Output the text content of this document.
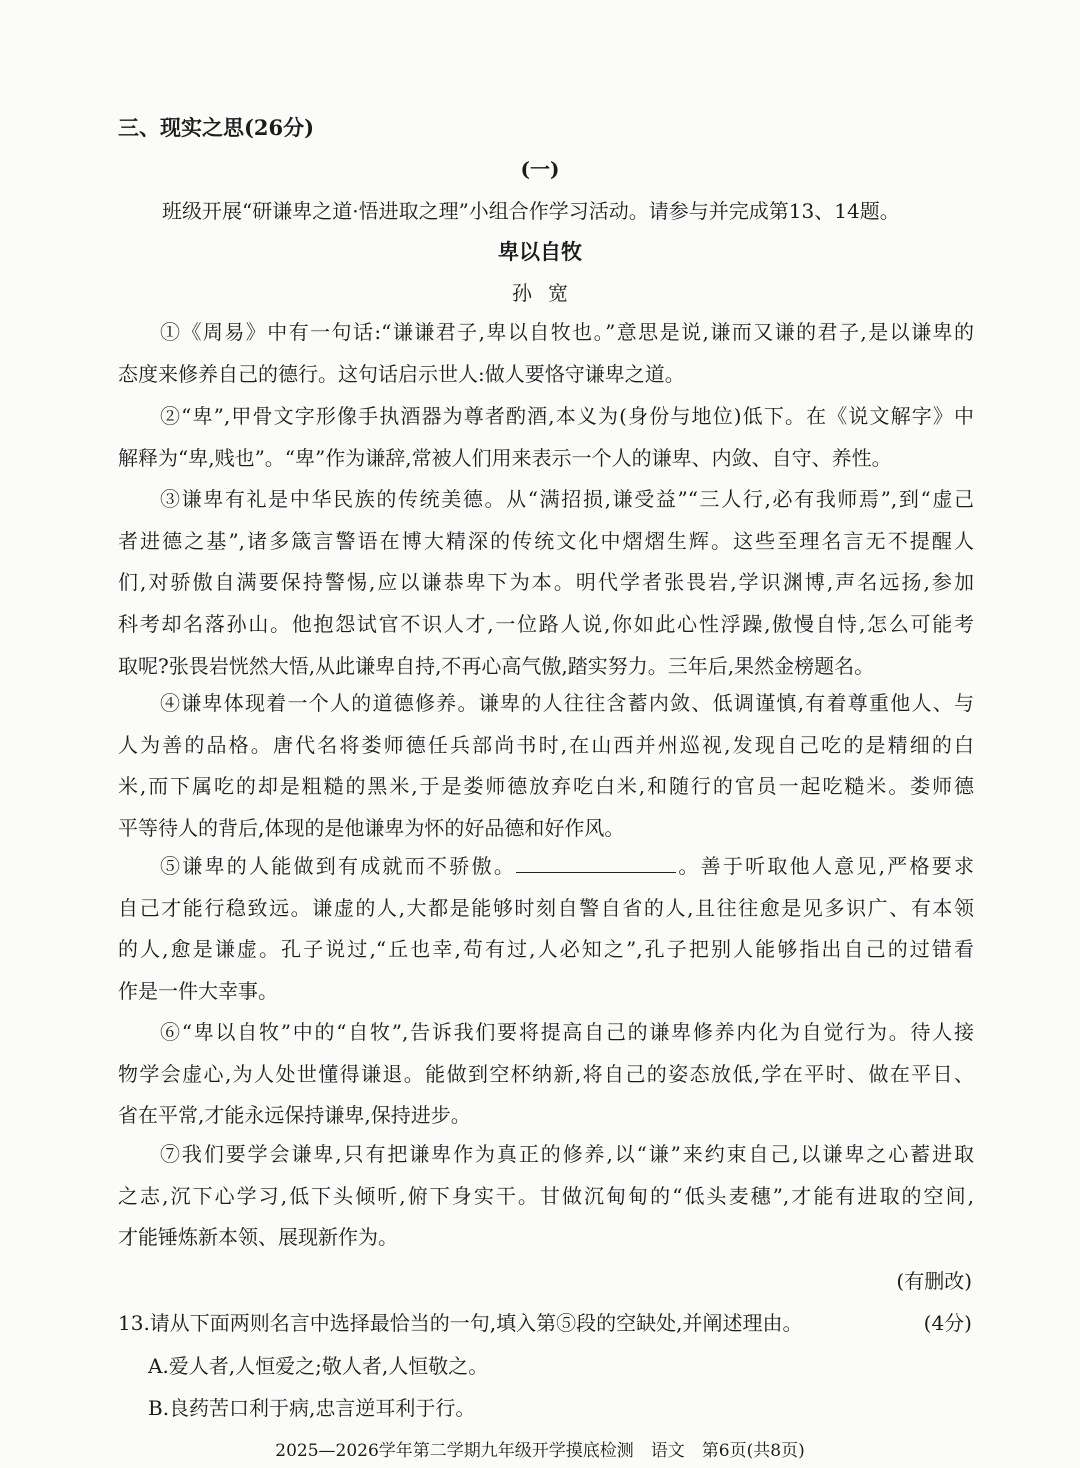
三、现实之思(26分)
(一)
班级开展“研谦卑之道·悟进取之理”小组合作学习活动。请参与并完成第13、14题。
卑以自牧
孙宽
①《周易》中有一句话:“谦谦君子,卑以自牧也。”意思是说,谦而又谦的君子,是以谦卑的
态度来修养自己的德行。这句话启示世人:做人要恪守谦卑之道。
②“卑”,甲骨文字形像手执酒器为尊者酌酒,本义为(身份与地位)低下。在《说文解字》中
解释为“卑,贱也”。“卑”作为谦辞,常被人们用来表示一个人的谦卑、内敛、自守、养性。
③谦卑有礼是中华民族的传统美德。从“满招损,谦受益”“三人行,必有我师焉”,到“虚己
者进德之基”,诸多箴言警语在博大精深的传统文化中熠熠生辉。这些至理名言无不提醒人
们,对骄傲自满要保持警惕,应以谦恭卑下为本。明代学者张畏岩,学识渊博,声名远扬,参加
科考却名落孙山。他抱怨试官不识人才,一位路人说,你如此心性浮躁,傲慢自恃,怎么可能考
取呢?张畏岩恍然大悟,从此谦卑自持,不再心高气傲,踏实努力。三年后,果然金榜题名。
④谦卑体现着一个人的道德修养。谦卑的人往往含蓄内敛、低调谨慎,有着尊重他人、与
人为善的品格。唐代名将娄师德任兵部尚书时,在山西并州巡视,发现自己吃的是精细的白
米,而下属吃的却是粗糙的黑米,于是娄师德放弃吃白米,和随行的官员一起吃糙米。娄师德
平等待人的背后,体现的是他谦卑为怀的好品德和好作风。
⑤谦卑的人能做到有成就而不骄傲。	。善于听取他人意见,严格要求
自己才能行稳致远。谦虚的人,大都是能够时刻自警自省的人,且往往愈是见多识广、有本领
的人,愈是谦虚。孔子说过,“丘也幸,苟有过,人必知之”,孔子把别人能够指出自己的过错看
作是一件大幸事。
⑥“卑以自牧”中的“自牧”,告诉我们要将提高自己的谦卑修养内化为自觉行为。待人接
物学会虚心,为人处世懂得谦退。能做到空杯纳新,将自己的姿态放低,学在平时、做在平日、
省在平常,才能永远保持谦卑,保持进步。
⑦我们要学会谦卑,只有把谦卑作为真正的修养,以“谦”来约束自己,以谦卑之心蓄进取
之志,沉下心学习,低下头倾听,俯下身实干。甘做沉甸甸的“低头麦穗”,才能有进取的空间,
才能锤炼新本领、展现新作为。
(有删改)
13.请从下面两则名言中选择最恰当的一句,填入第⑤段的空缺处,并阐述理由。	(4分)
A.爱人者,人恒爱之;敬人者,人恒敬之。
B.良药苦口利于病,忠言逆耳利于行。
2025—2026学年第二学期九年级开学摸底检测　语文　第6页(共8页)
